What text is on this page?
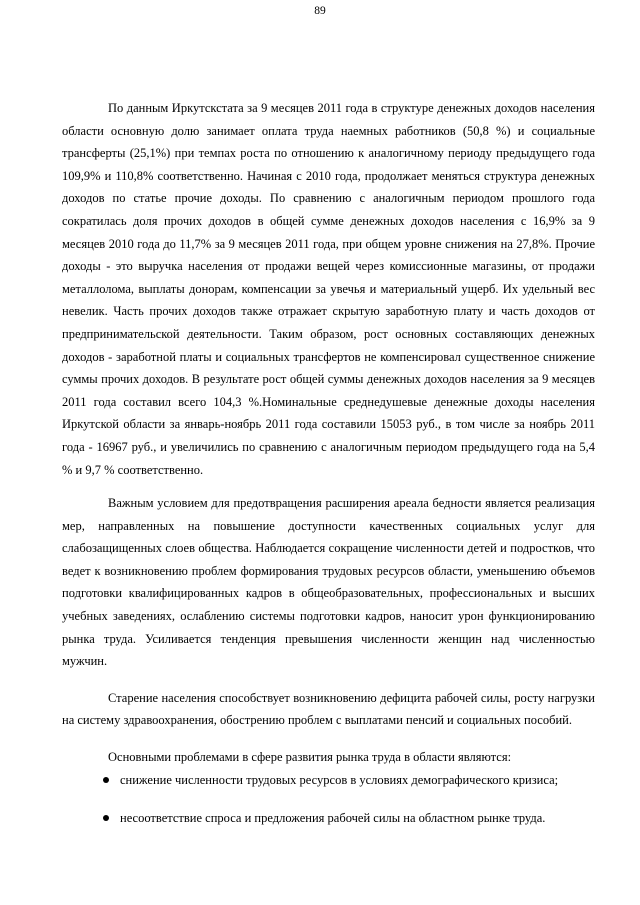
89

По данным Иркутскстата за 9 месяцев 2011 года в структуре денежных доходов населения области основную долю занимает оплата труда наемных работников (50,8 %) и социальные трансферты (25,1%) при темпах роста по отношению к аналогичному периоду предыдущего года 109,9% и 110,8% соответственно. Начиная с 2010 года, продолжает меняться структура денежных доходов по статье прочие доходы. По сравнению с аналогичным периодом прошлого года сократилась доля прочих доходов в общей сумме денежных доходов населения с 16,9% за 9 месяцев 2010 года до 11,7% за 9 месяцев 2011 года, при общем уровне снижения на 27,8%. Прочие доходы - это выручка населения от продажи вещей через комиссионные магазины, от продажи металлолома, выплаты донорам, компенсации за увечья и материальный ущерб. Их удельный вес невелик. Часть прочих доходов также отражает скрытую заработную плату и часть доходов от предпринимательской деятельности. Таким образом, рост основных составляющих денежных доходов - заработной платы и социальных трансфертов не компенсировал существенное снижение суммы прочих доходов. В результате рост общей суммы денежных доходов населения за 9 месяцев 2011 года составил всего 104,3 %.Номинальные среднедушевые денежные доходы населения Иркутской области за январь-ноябрь 2011 года составили 15053 руб., в том числе за ноябрь 2011 года - 16967 руб., и увеличились по сравнению с аналогичным периодом предыдущего года на 5,4 % и 9,7 % соответственно.

Важным условием для предотвращения расширения ареала бедности является реализация мер, направленных на повышение доступности качественных социальных услуг для слабозащищенных слоев общества. Наблюдается сокращение численности детей и подростков, что ведет к возникновению проблем формирования трудовых ресурсов области, уменьшению объемов подготовки квалифицированных кадров в общеобразовательных, профессиональных и высших учебных заведениях, ослаблению системы подготовки кадров, наносит урон функционированию рынка труда. Усиливается тенденция превышения численности женщин над численностью мужчин.

Старение населения способствует возникновению дефицита рабочей силы, росту нагрузки на систему здравоохранения, обострению проблем с выплатами пенсий и социальных пособий.

Основными проблемами в сфере развития рынка труда в области являются:

снижение численности трудовых ресурсов в условиях демографического кризиса;
несоответствие спроса и предложения рабочей силы на областном рынке труда.
